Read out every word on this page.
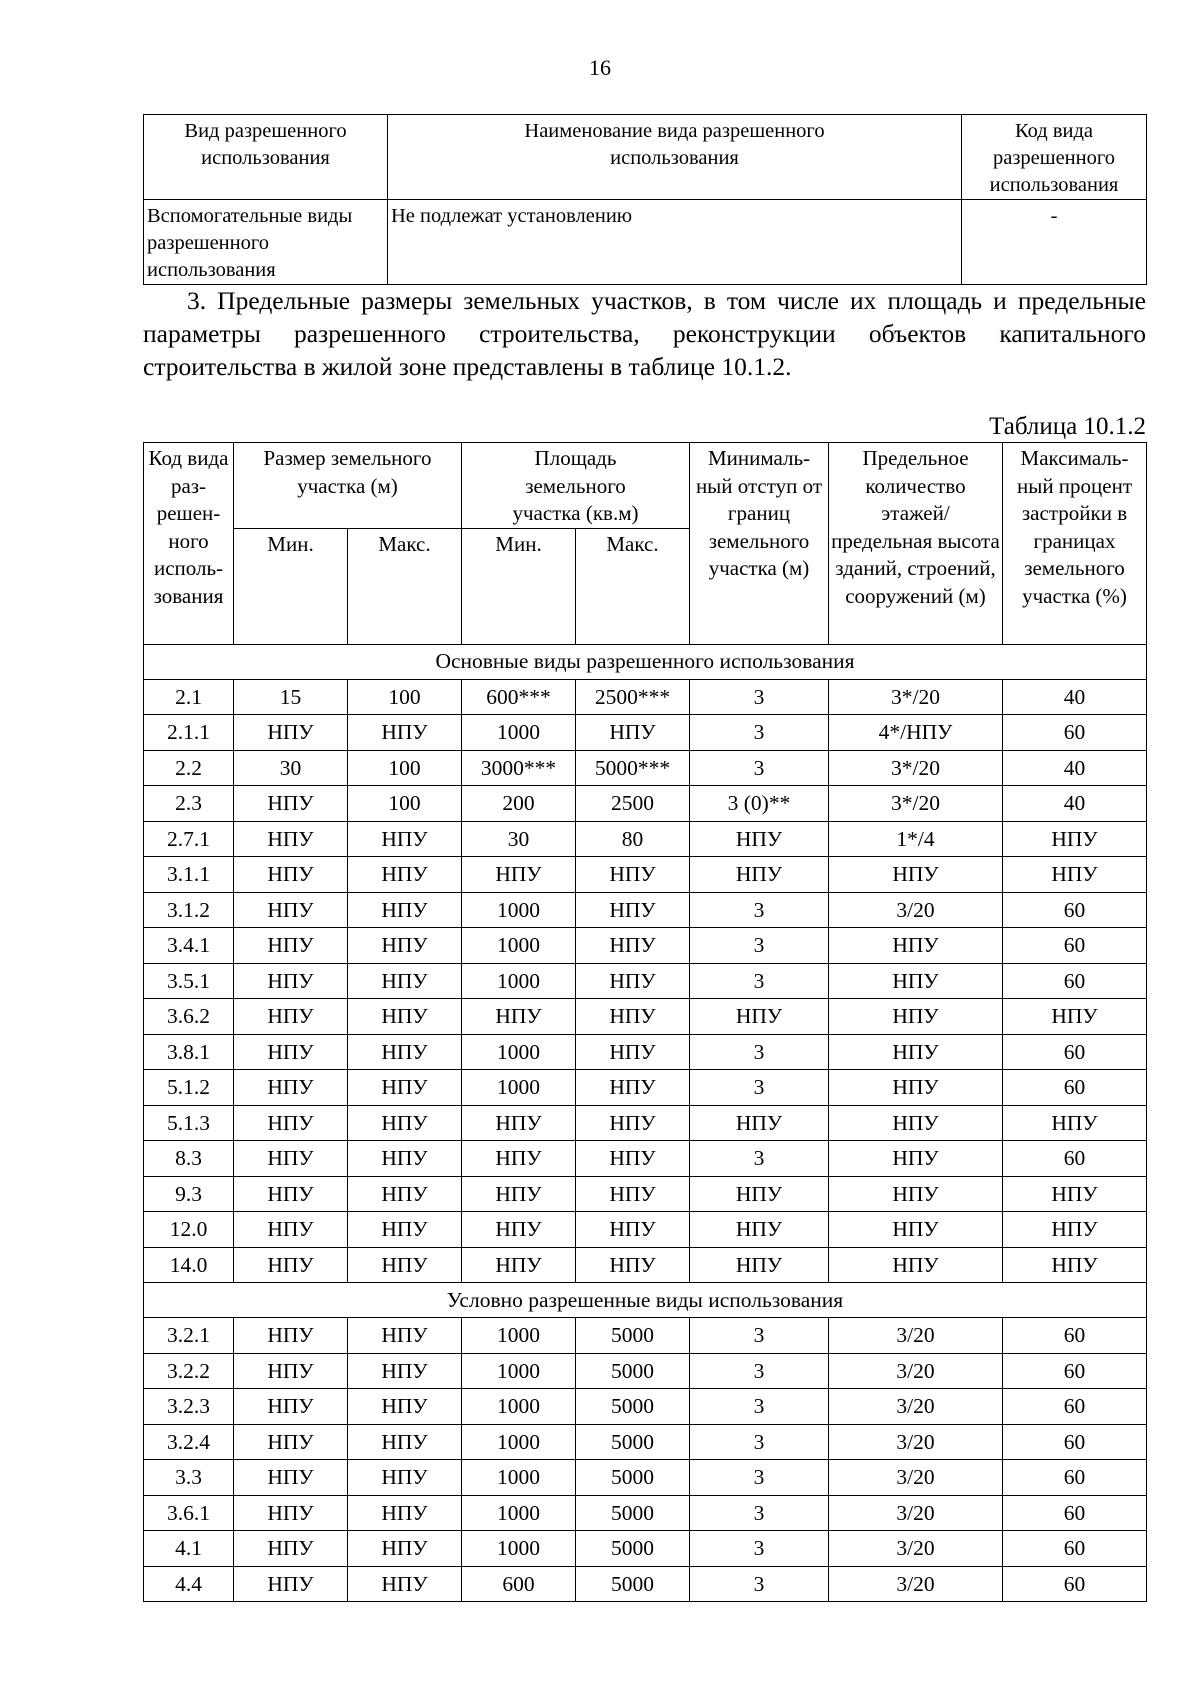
16
Вид разрешенного использования	Наименование вида разрешенного использования	Код вида разрешенного использования
Вспомогательные виды разрешенного использования	Не подлежат установлению	-
3. Предельные размеры земельных участков, в том числе их площадь и предельные параметры разрешенного строительства, реконструкции объектов капитального строительства в жилой зоне представлены в таблице 10.1.2.
Таблица 10.1.2
Код вида раз- решен- ного исполь- зования	Размер земельного участка (м)		Площадь земельного участка (кв.м)		Минималь- ный отступ от границ земельного участка (м)	Предельное количество этажей/ предельная высота зданий, строений, сооружений (м)	Максималь- ный процент застройки в границах земельного участка (%)
	Мин.	Макс.	Мин.	Макс.			
Основные виды разрешенного использования							
2.1	15	100	600***	2500***	3	3*/20	40
2.1.1	НПУ	НПУ	1000	НПУ	3	4*/НПУ	60
2.2	30	100	3000***	5000***	3	3*/20	40
2.3	НПУ	100	200	2500	3 (0)**	3*/20	40
2.7.1	НПУ	НПУ	30	80	НПУ	1*/4	НПУ
3.1.1	НПУ	НПУ	НПУ	НПУ	НПУ	НПУ	НПУ
3.1.2	НПУ	НПУ	1000	НПУ	3	3/20	60
3.4.1	НПУ	НПУ	1000	НПУ	3	НПУ	60
3.5.1	НПУ	НПУ	1000	НПУ	3	НПУ	60
3.6.2	НПУ	НПУ	НПУ	НПУ	НПУ	НПУ	НПУ
3.8.1	НПУ	НПУ	1000	НПУ	3	НПУ	60
5.1.2	НПУ	НПУ	1000	НПУ	3	НПУ	60
5.1.3	НПУ	НПУ	НПУ	НПУ	НПУ	НПУ	НПУ
8.3	НПУ	НПУ	НПУ	НПУ	3	НПУ	60
9.3	НПУ	НПУ	НПУ	НПУ	НПУ	НПУ	НПУ
12.0	НПУ	НПУ	НПУ	НПУ	НПУ	НПУ	НПУ
14.0	НПУ	НПУ	НПУ	НПУ	НПУ	НПУ	НПУ
Условно разрешенные виды использования							
3.2.1	НПУ	НПУ	1000	5000	3	3/20	60
3.2.2	НПУ	НПУ	1000	5000	3	3/20	60
3.2.3	НПУ	НПУ	1000	5000	3	3/20	60
3.2.4	НПУ	НПУ	1000	5000	3	3/20	60
3.3	НПУ	НПУ	1000	5000	3	3/20	60
3.6.1	НПУ	НПУ	1000	5000	3	3/20	60
4.1	НПУ	НПУ	1000	5000	3	3/20	60
4.4	НПУ	НПУ	600	5000	3	3/20	60
